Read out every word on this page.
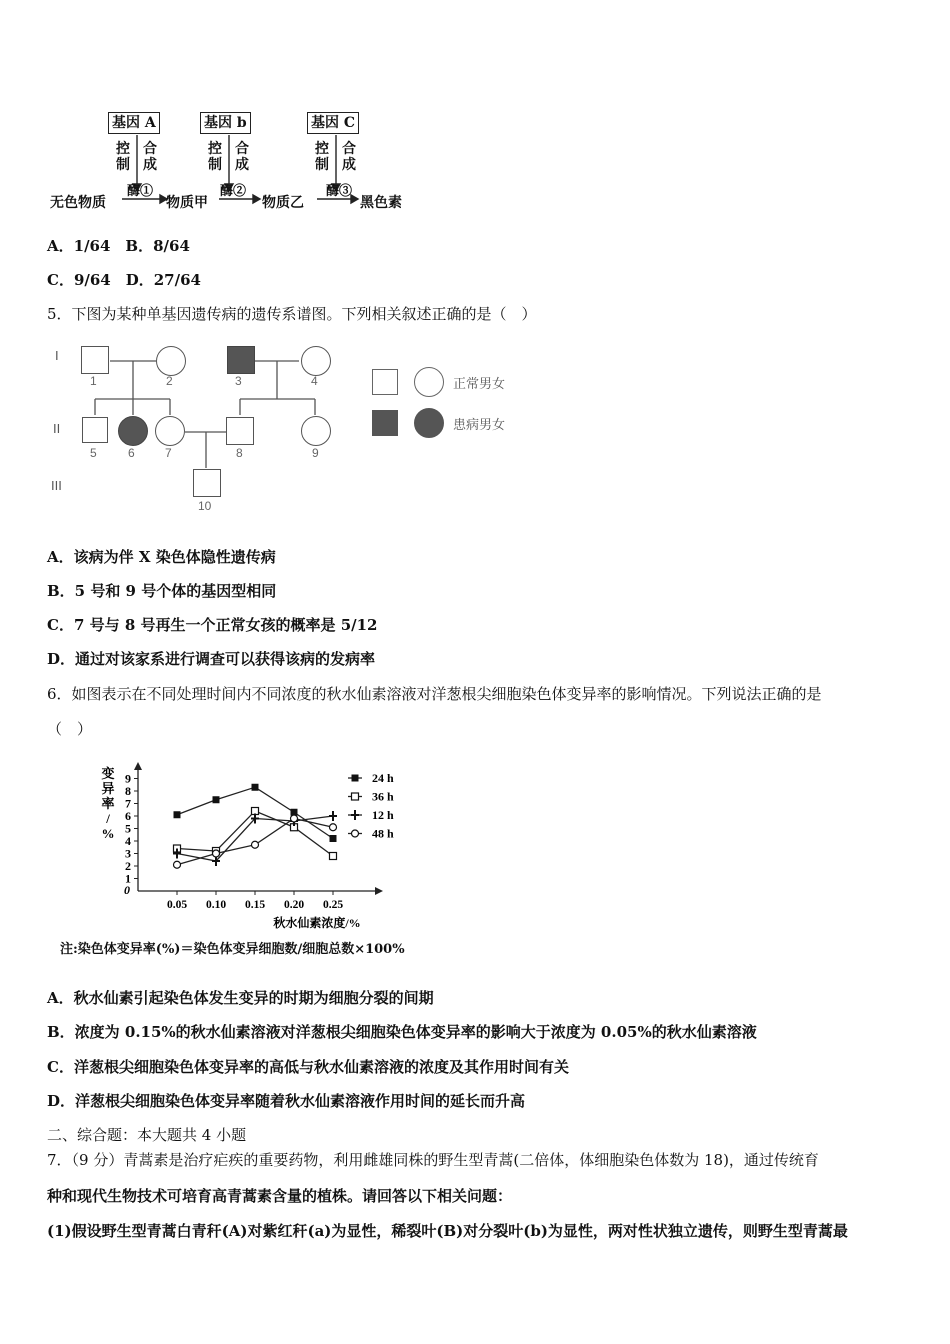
基因 A	基因 b	基因 C
控
制
合
成
控
制
合
成
控
制
合
成
无色物质
酶①
物质甲
酶②
物质乙
酶③
黑色素
A．1/64　B．8/64
C．9/64　D．27/64
5．下图为某种单基因遗传病的遗传系谱图。下列相关叙述正确的是（　）
I
II
III
1	2	3	4
5	6	7	8	9
10
正常男女
患病男女
A．该病为伴 X 染色体隐性遗传病
B．5 号和 9 号个体的基因型相同
C．7 号与 8 号再生一个正常女孩的概率是 5/12
D．通过对该家系进行调查可以获得该病的发病率
6．如图表示在不同处理时间内不同浓度的秋水仙素溶液对洋葱根尖细胞染色体变异率的影响情况。下列说法正确的是
（　）
1
2
3
4
5
6
7
8
9
0
0.05 0.10 0.15 0.20 0.25
秋水仙素浓度/%
变
异
率
/
%
24 h
36 h
12 h
48 h
注:染色体变异率(%)＝染色体变异细胞数/细胞总数×100%
A．秋水仙素引起染色体发生变异的时期为细胞分裂的间期
B．浓度为 0.15%的秋水仙素溶液对洋葱根尖细胞染色体变异率的影响大于浓度为 0.05%的秋水仙素溶液
C．洋葱根尖细胞染色体变异率的高低与秋水仙素溶液的浓度及其作用时间有关
D．洋葱根尖细胞染色体变异率随着秋水仙素溶液作用时间的延长而升高
二、综合题：本大题共 4 小题
7．（9 分）青蒿素是治疗疟疾的重要药物，利用雌雄同株的野生型青蒿(二倍体，体细胞染色体数为 18)，通过传统育
种和现代生物技术可培育高青蒿素含量的植株。请回答以下相关问题：
(1)假设野生型青蒿白青秆(A)对紫红秆(a)为显性，稀裂叶(B)对分裂叶(b)为显性，两对性状独立遗传，则野生型青蒿最
